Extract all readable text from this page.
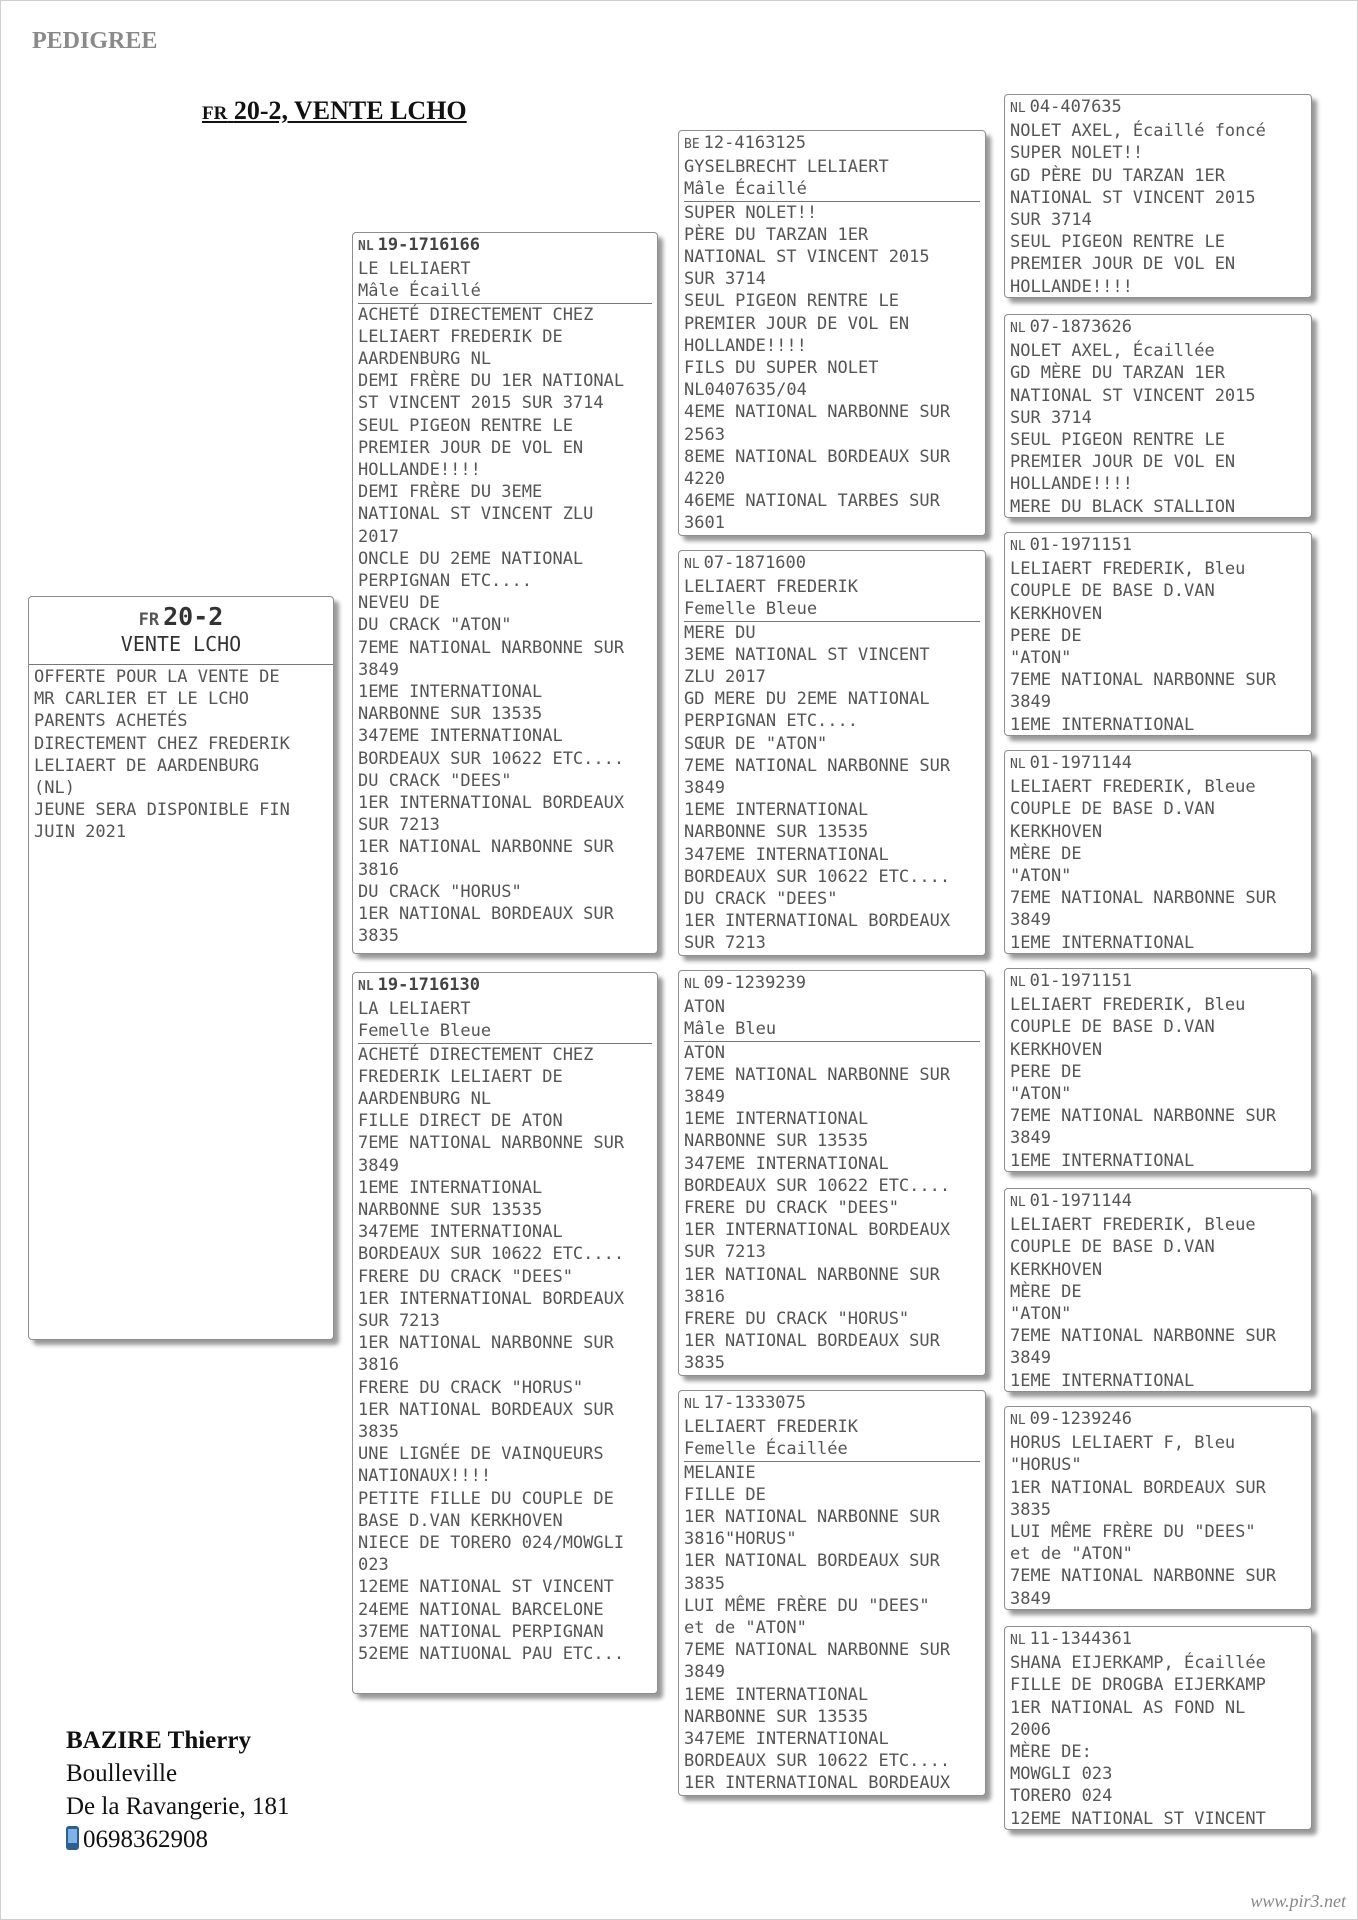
PEDIGREE
FR 20-2, VENTE LCHO
FR 20-2
VENTE LCHO
OFFERTE POUR LA VENTE DE
MR CARLIER ET LE LCHO
PARENTS ACHETÉS
DIRECTEMENT CHEZ FREDERIK
LELIAERT DE AARDENBURG
(NL)
JEUNE SERA DISPONIBLE FIN
JUIN 2021
NL 19-1716166
LE LELIAERT
Mâle Écaillé
ACHETÉ DIRECTEMENT CHEZ
LELIAERT FREDERIK DE
AARDENBURG NL
DEMI FRÈRE DU 1ER NATIONAL
ST VINCENT 2015 SUR 3714
SEUL PIGEON RENTRE LE
PREMIER JOUR DE VOL EN
HOLLANDE!!!!
DEMI FRÈRE DU 3EME
NATIONAL ST VINCENT ZLU
2017
ONCLE DU 2EME NATIONAL
PERPIGNAN ETC....
NEVEU DE
DU CRACK "ATON"
7EME NATIONAL NARBONNE SUR
3849
1EME INTERNATIONAL
NARBONNE SUR 13535
347EME INTERNATIONAL
BORDEAUX SUR 10622 ETC....
DU CRACK "DEES"
1ER INTERNATIONAL BORDEAUX
SUR 7213
1ER NATIONAL NARBONNE SUR
3816
DU CRACK "HORUS"
1ER NATIONAL BORDEAUX SUR
3835
NL 19-1716130
LA LELIAERT
Femelle Bleue
ACHETÉ DIRECTEMENT CHEZ
FREDERIK LELIAERT DE
AARDENBURG NL
FILLE DIRECT DE ATON
7EME NATIONAL NARBONNE SUR
3849
1EME INTERNATIONAL
NARBONNE SUR 13535
347EME INTERNATIONAL
BORDEAUX SUR 10622 ETC....
FRERE DU CRACK "DEES"
1ER INTERNATIONAL BORDEAUX
SUR 7213
1ER NATIONAL NARBONNE SUR
3816
FRERE DU CRACK "HORUS"
1ER NATIONAL BORDEAUX SUR
3835
UNE LIGNÉE DE VAINQUEURS
NATIONAUX!!!!
PETITE FILLE DU COUPLE DE
BASE D.VAN KERKHOVEN
NIECE DE TORERO 024/MOWGLI
023
12EME NATIONAL ST VINCENT
24EME NATIONAL BARCELONE
37EME NATIONAL PERPIGNAN
52EME NATIUONAL PAU ETC...
BE 12-4163125
GYSELBRECHT LELIAERT
Mâle Écaillé
SUPER NOLET!!
PÈRE DU TARZAN 1ER
NATIONAL ST VINCENT 2015
SUR 3714
SEUL PIGEON RENTRE LE
PREMIER JOUR DE VOL EN
HOLLANDE!!!!
FILS DU SUPER NOLET
NL0407635/04
4EME NATIONAL NARBONNE SUR
2563
8EME NATIONAL BORDEAUX SUR
4220
46EME NATIONAL TARBES SUR
3601
NL 07-1871600
LELIAERT FREDERIK
Femelle Bleue
MERE DU
3EME NATIONAL ST VINCENT
ZLU 2017
GD MERE DU 2EME NATIONAL
PERPIGNAN ETC....
SŒUR DE "ATON"
7EME NATIONAL NARBONNE SUR
3849
1EME INTERNATIONAL
NARBONNE SUR 13535
347EME INTERNATIONAL
BORDEAUX SUR 10622 ETC....
DU CRACK "DEES"
1ER INTERNATIONAL BORDEAUX
SUR 7213
NL 09-1239239
ATON
Mâle Bleu
ATON
7EME NATIONAL NARBONNE SUR
3849
1EME INTERNATIONAL
NARBONNE SUR 13535
347EME INTERNATIONAL
BORDEAUX SUR 10622 ETC....
FRERE DU CRACK "DEES"
1ER INTERNATIONAL BORDEAUX
SUR 7213
1ER NATIONAL NARBONNE SUR
3816
FRERE DU CRACK "HORUS"
1ER NATIONAL BORDEAUX SUR
3835
NL 17-1333075
LELIAERT FREDERIK
Femelle Écaillée
MELANIE
FILLE DE
1ER NATIONAL NARBONNE SUR
3816"HORUS"
1ER NATIONAL BORDEAUX SUR
3835
LUI MÊME FRÈRE DU "DEES"
et de "ATON"
7EME NATIONAL NARBONNE SUR
3849
1EME INTERNATIONAL
NARBONNE SUR 13535
347EME INTERNATIONAL
BORDEAUX SUR 10622 ETC....
1ER INTERNATIONAL BORDEAUX
NL 04-407635
NOLET AXEL, Écaillé foncé
SUPER NOLET!!
GD PÈRE DU TARZAN 1ER
NATIONAL ST VINCENT 2015
SUR 3714
SEUL PIGEON RENTRE LE
PREMIER JOUR DE VOL EN
HOLLANDE!!!!
NL 07-1873626
NOLET AXEL, Écaillée
GD MÈRE DU TARZAN 1ER
NATIONAL ST VINCENT 2015
SUR 3714
SEUL PIGEON RENTRE LE
PREMIER JOUR DE VOL EN
HOLLANDE!!!!
MERE DU BLACK STALLION
NL 01-1971151
LELIAERT FREDERIK, Bleu
COUPLE DE BASE D.VAN
KERKHOVEN
PERE DE
"ATON"
7EME NATIONAL NARBONNE SUR
3849
1EME INTERNATIONAL
NL 01-1971144
LELIAERT FREDERIK, Bleue
COUPLE DE BASE D.VAN
KERKHOVEN
MÈRE DE
"ATON"
7EME NATIONAL NARBONNE SUR
3849
1EME INTERNATIONAL
NL 01-1971151
LELIAERT FREDERIK, Bleu
COUPLE DE BASE D.VAN
KERKHOVEN
PERE DE
"ATON"
7EME NATIONAL NARBONNE SUR
3849
1EME INTERNATIONAL
NL 01-1971144
LELIAERT FREDERIK, Bleue
COUPLE DE BASE D.VAN
KERKHOVEN
MÈRE DE
"ATON"
7EME NATIONAL NARBONNE SUR
3849
1EME INTERNATIONAL
NL 09-1239246
HORUS LELIAERT F, Bleu
"HORUS"
1ER NATIONAL BORDEAUX SUR
3835
LUI MÊME FRÈRE DU "DEES"
et de "ATON"
7EME NATIONAL NARBONNE SUR
3849
NL 11-1344361
SHANA EIJERKAMP, Écaillée
FILLE DE DROGBA EIJERKAMP
1ER NATIONAL AS FOND NL
2006
MÈRE DE:
MOWGLI 023
TORERO 024
12EME NATIONAL ST VINCENT
BAZIRE Thierry
Boulleville
De la Ravangerie, 181
0698362908
www.pir3.net
